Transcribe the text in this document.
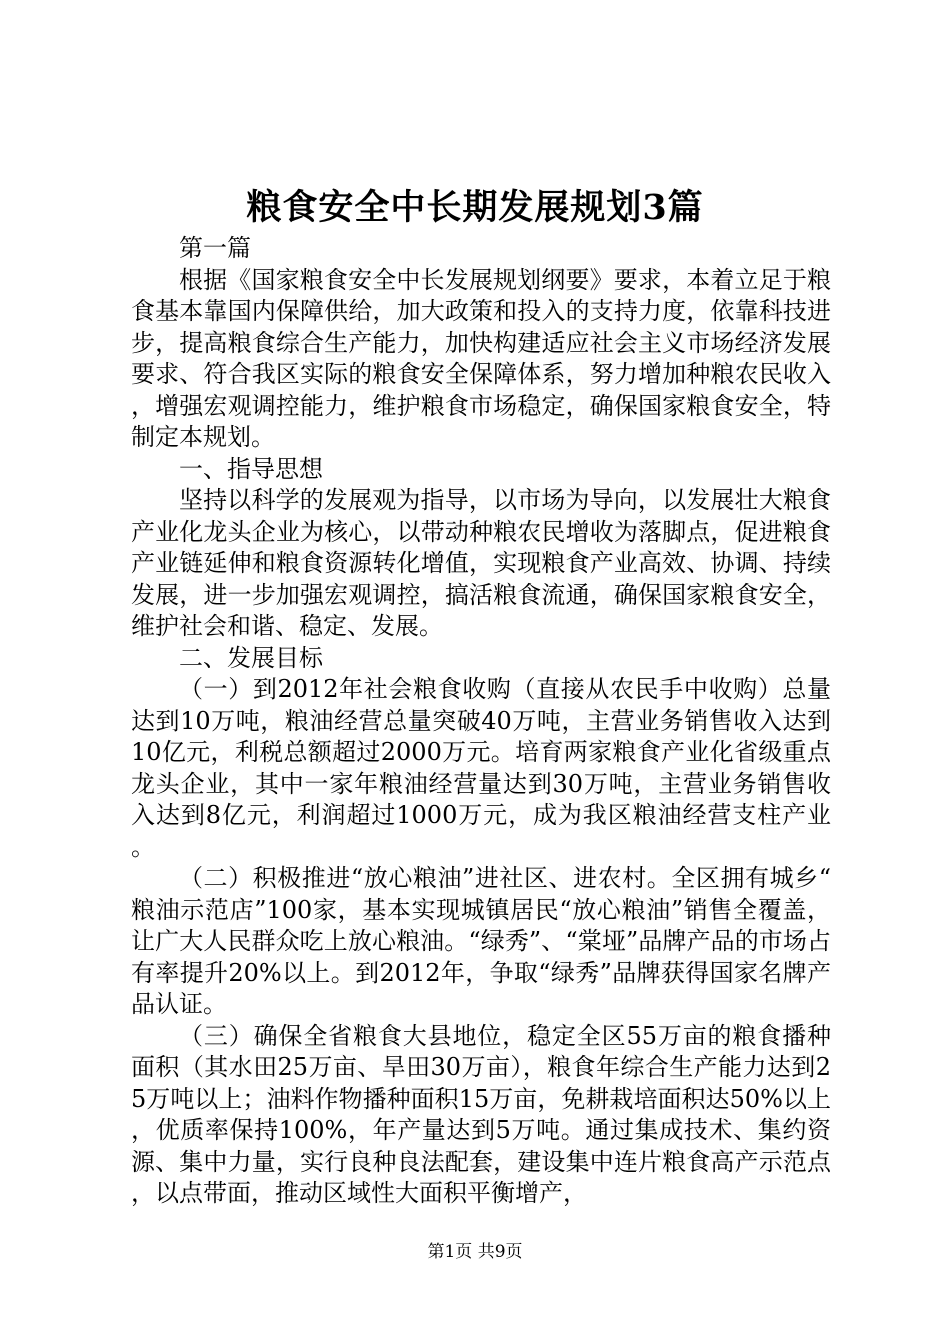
粮食安全中长期发展规划3篇

第一篇

根据《国家粮食安全中长发展规划纲要》要求，本着立足于粮食基本靠国内保障供给，加大政策和投入的支持力度，依靠科技进步，提高粮食综合生产能力，加快构建适应社会主义市场经济发展要求、符合我区实际的粮食安全保障体系，努力增加种粮农民收入，增强宏观调控能力，维护粮食市场稳定，确保国家粮食安全，特制定本规划。

一、指导思想

坚持以科学的发展观为指导，以市场为导向，以发展壮大粮食产业化龙头企业为核心，以带动种粮农民增收为落脚点，促进粮食产业链延伸和粮食资源转化增值，实现粮食产业高效、协调、持续发展，进一步加强宏观调控，搞活粮食流通，确保国家粮食安全，维护社会和谐、稳定、发展。

二、发展目标

（一）到2012年社会粮食收购（直接从农民手中收购）总量达到10万吨，粮油经营总量突破40万吨，主营业务销售收入达到10亿元，利税总额超过2000万元。培育两家粮食产业化省级重点龙头企业，其中一家年粮油经营量达到30万吨，主营业务销售收入达到8亿元，利润超过1000万元，成为我区粮油经营支柱产业。

（二）积极推进“放心粮油”进社区、进农村。全区拥有城乡“粮油示范店”100家，基本实现城镇居民“放心粮油”销售全覆盖，让广大人民群众吃上放心粮油。“绿秀”、“棠垭”品牌产品的市场占有率提升20%以上。到2012年，争取“绿秀”品牌获得国家名牌产品认证。

（三）确保全省粮食大县地位，稳定全区55万亩的粮食播种面积（其水田25万亩、旱田30万亩），粮食年综合生产能力达到25万吨以上；油料作物播种面积15万亩，免耕栽培面积达50%以上，优质率保持100%，年产量达到5万吨。通过集成技术、集约资源、集中力量，实行良种良法配套，建设集中连片粮食高产示范点，以点带面，推动区域性大面积平衡增产，

第1页 共9页
